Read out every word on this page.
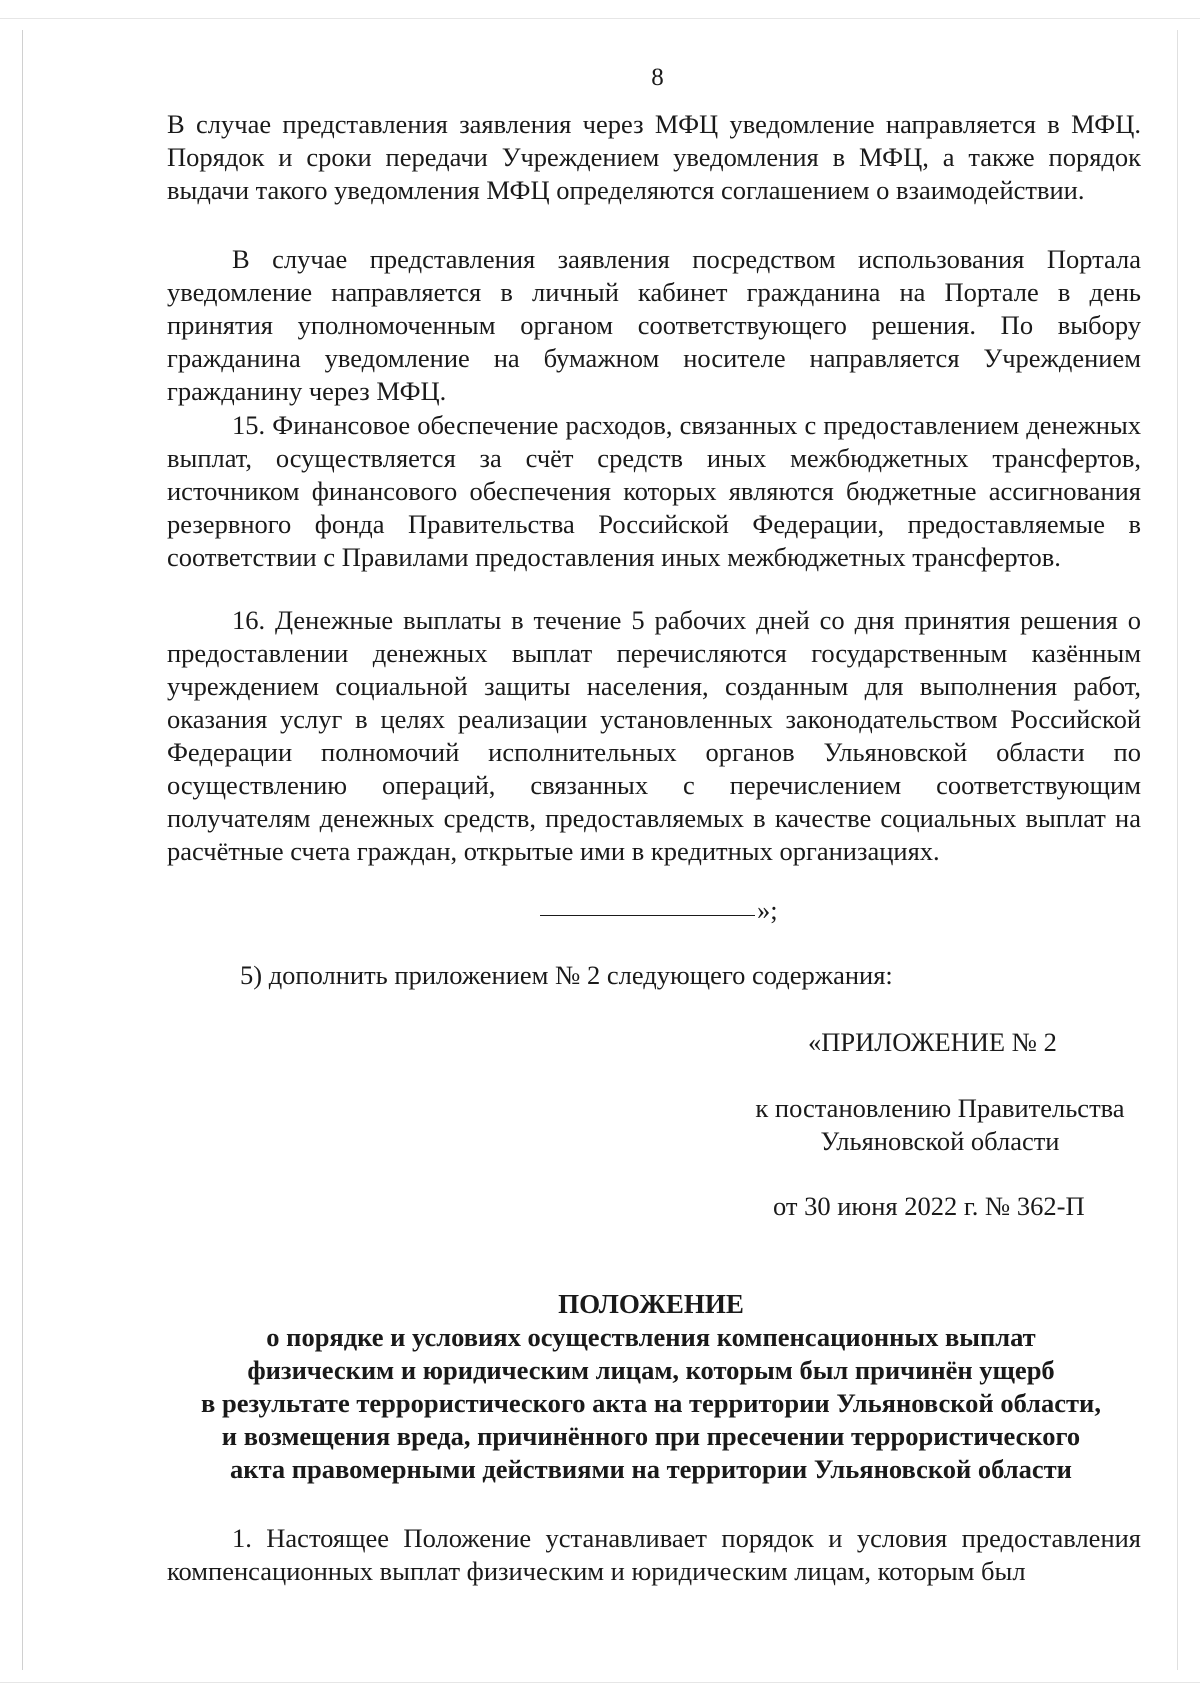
8

В случае представления заявления через МФЦ уведомление направляется в МФЦ. Порядок и сроки передачи Учреждением уведомления в МФЦ, а также порядок выдачи такого уведомления МФЦ определяются соглашением о взаимодействии.

В случае представления заявления посредством использования Портала уведомление направляется в личный кабинет гражданина на Портале в день принятия уполномоченным органом соответствующего решения. По выбору гражданина уведомление на бумажном носителе направляется Учреждением гражданину через МФЦ.

15. Финансовое обеспечение расходов, связанных с предоставлением денежных выплат, осуществляется за счёт средств иных межбюджетных трансфертов, источником финансового обеспечения которых являются бюджетные ассигнования резервного фонда Правительства Российской Федерации, предоставляемые в соответствии с Правилами предоставления иных межбюджетных трансфертов.

16. Денежные выплаты в течение 5 рабочих дней со дня принятия решения о предоставлении денежных выплат перечисляются государственным казённым учреждением социальной защиты населения, созданным для выполнения работ, оказания услуг в целях реализации установленных законодательством Российской Федерации полномочий исполнительных органов Ульяновской области по осуществлению операций, связанных с перечислением соответствующим получателям денежных средств, предоставляемых в качестве социальных выплат на расчётные счета граждан, открытые ими в кредитных организациях.

»;
5) дополнить приложением № 2 следующего содержания:
«ПРИЛОЖЕНИЕ № 2
к постановлению Правительства
Ульяновской области
от 30 июня 2022 г. № 362-П
ПОЛОЖЕНИЕ
о порядке и условиях осуществления компенсационных выплат
физическим и юридическим лицам, которым был причинён ущерб
в результате террористического акта на территории Ульяновской области,
и возмещения вреда, причинённого при пресечении террористического
акта правомерными действиями на территории Ульяновской области

1. Настоящее Положение устанавливает порядок и условия предоставления компенсационных выплат физическим и юридическим лицам, которым был
